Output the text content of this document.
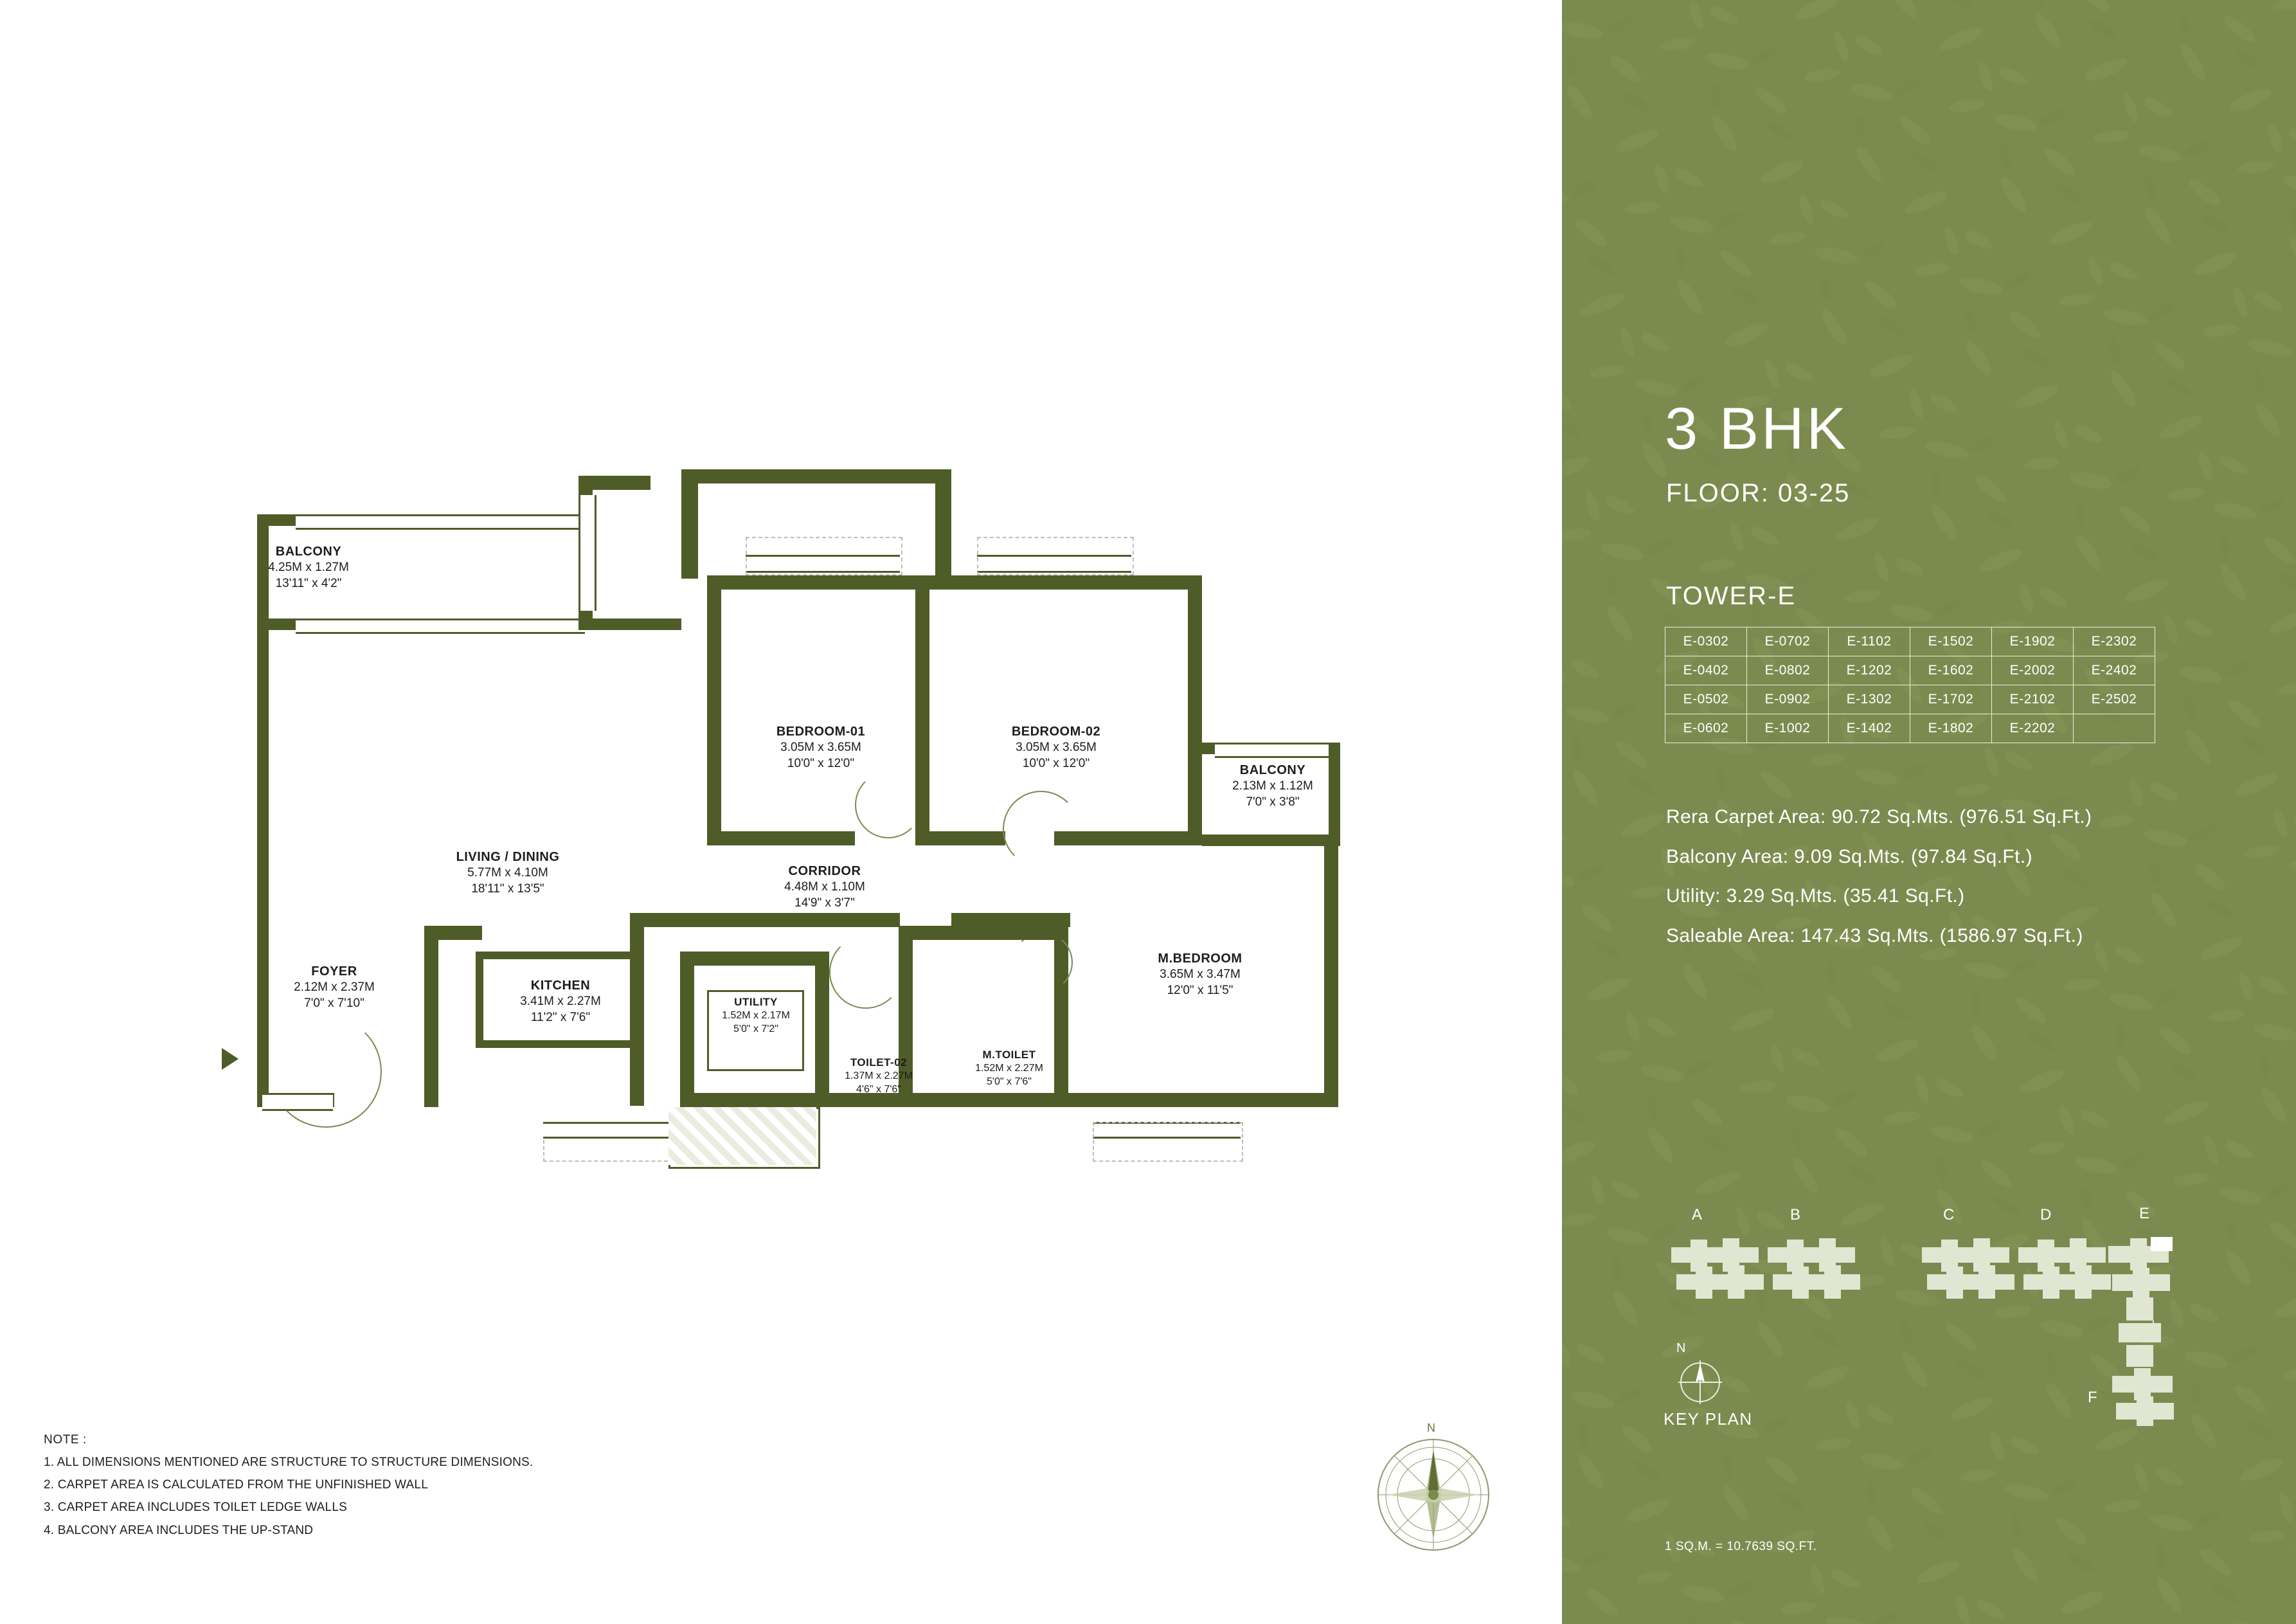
BALCONY
4.25M x 1.27M
13'11" x 4'2"
BEDROOM-01
3.05M x 3.65M
10'0" x 12'0"
BEDROOM-02
3.05M x 3.65M
10'0" x 12'0"	BALCONY
2.13M x 1.12M
7'0" x 3'8"
LIVING / DINING
5.77M x 4.10M
18'11" x 13'5"
CORRIDOR
4.48M x 1.10M
14'9" x 3'7"
M.BEDROOM
3.65M x 3.47M
12'0" x 11'5"
FOYER
2.12M x 2.37M
7'0" x 7'10"
KITCHEN
3.41M x 2.27M
11'2" x 7'6"
UTILITY
1.52M x 2.17M
5'0" x 7'2"
TOILET-02
1.37M x 2.27M
4'6" x 7'6"
M.TOILET
1.52M x 2.27M
5'0" x 7'6"
NOTE :
1. ALL DIMENSIONS MENTIONED ARE STRUCTURE TO STRUCTURE DIMENSIONS.
2. CARPET AREA IS CALCULATED FROM THE UNFINISHED WALL
3. CARPET AREA INCLUDES TOILET LEDGE WALLS
4. BALCONY AREA INCLUDES THE UP-STAND
N
3 BHK
FLOOR: 03-25
TOWER-E
E-0302	E-0702	E-1102	E-1502	E-1902	E-2302
E-0402	E-0802	E-1202	E-1602	E-2002	E-2402
E-0502	E-0902	E-1302	E-1702	E-2102	E-2502
E-0602	E-1002	E-1402	E-1802	E-2202	
Rera Carpet Area: 90.72 Sq.Mts. (976.51 Sq.Ft.)
Balcony Area: 9.09 Sq.Mts. (97.84 Sq.Ft.)
Utility: 3.29 Sq.Mts. (35.41 Sq.Ft.)
Saleable Area: 147.43 Sq.Mts. (1586.97 Sq.Ft.)
A	B	C	D	E
F
N
KEY PLAN
1 SQ.M. = 10.7639 SQ.FT.
